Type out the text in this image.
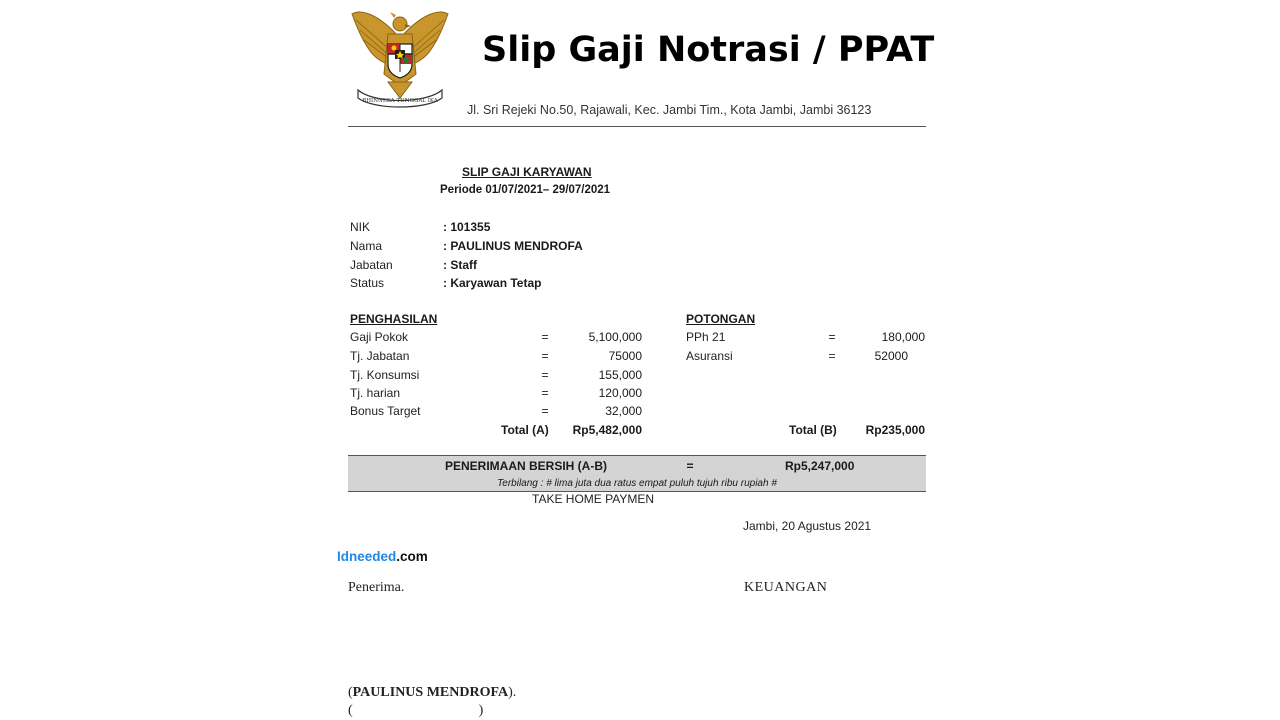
BHINNEKA TUNGGAL IKA
Slip Gaji Notrasi / PPAT
Jl. Sri Rejeki No.50, Rajawali, Kec. Jambi Tim., Kota Jambi, Jambi 36123
SLIP GAJI KARYAWAN
Periode 01/07/2021– 29/07/2021
NIK	: 101355
Nama	: PAULINUS MENDROFA
Jabatan	: Staff
Status	: Karyawan Tetap
PENGHASILAN
Gaji Pokok	=	5,100,000
Tj. Jabatan	=	75000
Tj. Konsumsi	=	155,000
Tj. harian	=	120,000
Bonus Target	=	32,000
Total (A)	Rp5,482,000
POTONGAN
PPh 21	=	180,000
Asuransi	=	52000
Total (B)	Rp235,000
PENERIMAAN BERSIH (A-B)	=	Rp5,247,000
Terbilang : # lima juta dua ratus empat puluh tujuh ribu rupiah #
TAKE HOME PAYMEN
Jambi, 20 Agustus 2021
Idneeded.com
Penerima.	KEUANGAN
(PAULINUS MENDROFA).
(                                    )
